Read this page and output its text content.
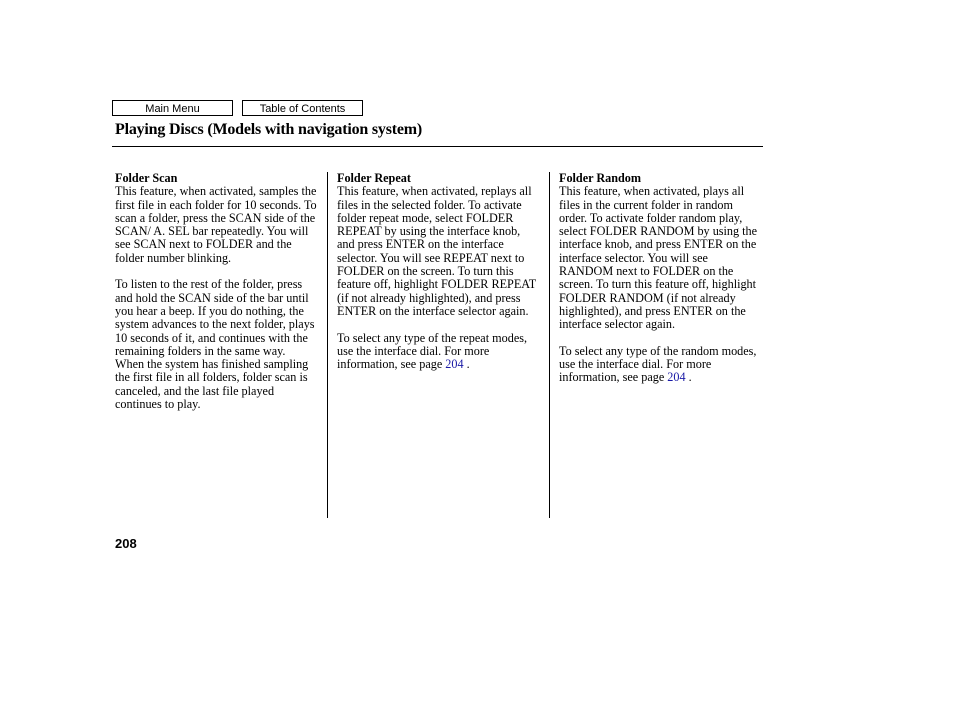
Main Menu	Table of Contents
Playing Discs (Models with navigation system)
Folder Scan

This feature, when activated, samples the first file in each folder for 10 seconds. To scan a folder, press the SCAN side of the SCAN/ A. SEL bar repeatedly. You will see SCAN next to FOLDER and the folder number blinking.

To listen to the rest of the folder, press and hold the SCAN side of the bar until you hear a beep. If you do nothing, the system advances to the next folder, plays 10 seconds of it, and continues with the remaining folders in the same way. When the system has finished sampling the first file in all folders, folder scan is canceled, and the last file played continues to play.

Folder Repeat

This feature, when activated, replays all files in the selected folder. To activate folder repeat mode, select FOLDER REPEAT by using the interface knob, and press ENTER on the interface selector. You will see REPEAT next to FOLDER on the screen. To turn this feature off, highlight FOLDER REPEAT (if not already highlighted), and press ENTER on the interface selector again.

To select any type of the repeat modes, use the interface dial. For more information, see page 204 .

Folder Random

This feature, when activated, plays all files in the current folder in random order. To activate folder random play, select FOLDER RANDOM by using the interface knob, and press ENTER on the interface selector. You will see RANDOM next to FOLDER on the screen. To turn this feature off, highlight FOLDER RANDOM (if not already highlighted), and press ENTER on the interface selector again.

To select any type of the random modes, use the interface dial. For more information, see page 204 .

208
